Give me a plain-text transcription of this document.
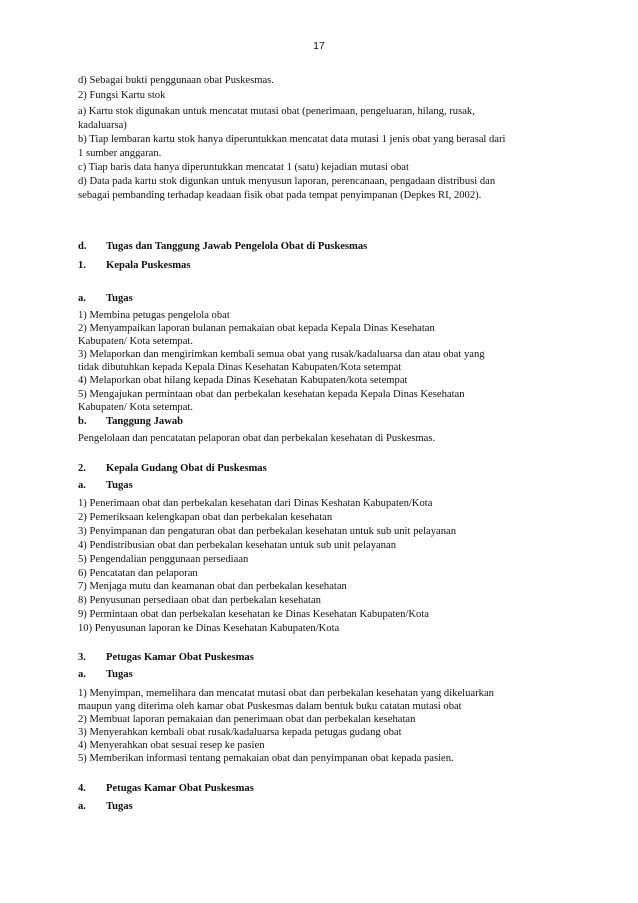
17
d) Sebagai bukti penggunaan obat Puskesmas.
2) Fungsi Kartu stok
a) Kartu stok digunakan untuk mencatat mutasi obat (penerimaan, pengeluaran, hilang, rusak,
kadaluarsa)
b) Tiap lembaran kartu stok hanya diperuntukkan mencatat data mutasi 1 jenis obat yang berasal dari
1 sumber anggaran.
c) Tiap baris data hanya diperuntukkan mencatat 1 (satu) kejadian mutasi obat
d) Data pada kartu stok digunkan untuk menyusun laporan, perencanaan, pengadaan distribusi dan
sebagai pembanding terhadap keadaan fisik obat pada tempat penyimpanan (Depkes RI, 2002).
d. Tugas dan Tanggung Jawab Pengelola Obat di Puskesmas
1. Kepala Puskesmas
a. Tugas
1) Membina petugas pengelola obat
2) Menyampaikan laporan bulanan pemakaian obat kepada Kepala Dinas Kesehatan
Kabupaten/ Kota setempat.
3) Melaporkan dan mengirimkan kembali semua obat yang rusak/kadaluarsa dan atau obat yang
tidak dibutuhkan kepada Kepala Dinas Kesehatan Kabupaten/Kota setempat
4) Melaporkan obat hilang kepada Dinas Kesehatan Kabupaten/kota setempat
5) Mengajukan permintaan obat dan perbekalan kesehatan kepada Kepala Dinas Kesehatan
Kabupaten/ Kota setempat.
b. Tanggung Jawab
Pengelolaan dan pencatatan pelaporan obat dan perbekalan kesehatan di Puskesmas.
2. Kepala Gudang Obat di Puskesmas
a. Tugas
1) Penerimaan obat dan perbekalan kesehatan dari Dinas Keshatan Kabupaten/Kota
2) Pemeriksaan kelengkapan obat dan perbekalan kesehatan
3) Penyimpanan dan pengaturan obat dan perbekalan kesehatan untuk sub unit pelayanan
4) Pendistribusian obat dan perbekalan kesehatan untuk sub unit pelayanan
5) Pengendalian penggunaan persediaan
6) Pencatatan dan pelaporan
7) Menjaga mutu dan keamanan obat dan perbekalan kesehatan
8) Penyusunan persediaan obat dan perbekalan kesehatan
9) Permintaan obat dan perbekalan kesehatan ke Dinas Kesehatan Kabupaten/Kota
10) Penyusunan laporan ke Dinas Kesehatan Kabupaten/Kota
3. Petugas Kamar Obat Puskesmas
a. Tugas
1) Menyimpan, memelihara dan mencatat mutasi obat dan perbekalan kesehatan yang dikeluarkan
maupun yang diterima oleh kamar obat Puskesmas dalam bentuk buku catatan mutasi obat
2) Membuat laporan pemakaian dan penerimaan obat dan perbekalan kesehatan
3) Menyerahkan kembali obat rusak/kadaluarsa kepada petugas gudang obat
4) Menyerahkan obat sesuai resep ke pasien
5) Memberikan informasi tentang pemakaian obat dan penyimpanan obat kepada pasien.
4. Petugas Kamar Obat Puskesmas
a. Tugas
